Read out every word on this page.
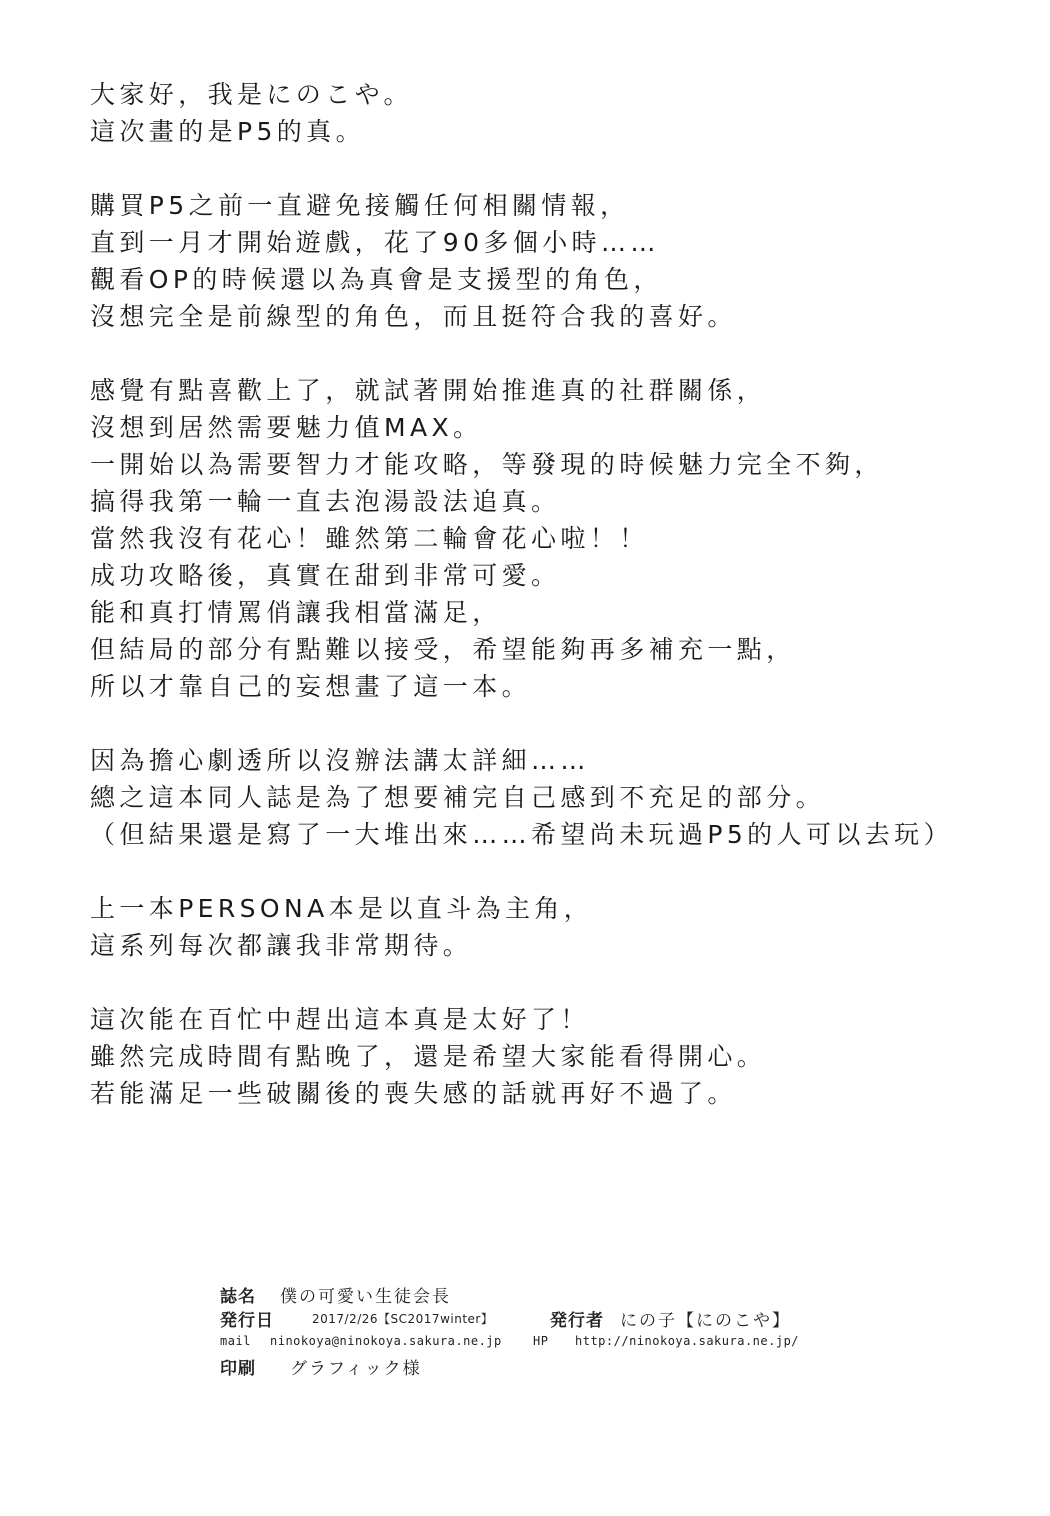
大家好，我是にのこや。
這次畫的是P5的真。
購買P5之前一直避免接觸任何相關情報，
直到一月才開始遊戲，花了90多個小時……
觀看OP的時候還以為真會是支援型的角色，
沒想完全是前線型的角色，而且挺符合我的喜好。
感覺有點喜歡上了，就試著開始推進真的社群關係，
沒想到居然需要魅力值MAX。
一開始以為需要智力才能攻略，等發現的時候魅力完全不夠，
搞得我第一輪一直去泡湯設法追真。
當然我沒有花心！雖然第二輪會花心啦！！
成功攻略後，真實在甜到非常可愛。
能和真打情罵俏讓我相當滿足，
但結局的部分有點難以接受，希望能夠再多補充一點，
所以才靠自己的妄想畫了這一本。
因為擔心劇透所以沒辦法講太詳細……
總之這本同人誌是為了想要補完自己感到不充足的部分。
（但結果還是寫了一大堆出來……希望尚未玩過P5的人可以去玩）
上一本PERSONA本是以直斗為主角，
這系列每次都讓我非常期待。
這次能在百忙中趕出這本真是太好了！
雖然完成時間有點晚了，還是希望大家能看得開心。
若能滿足一些破關後的喪失感的話就再好不過了。
誌名 僕の可愛い生徒会長
発行日	2017/2/26【SC2017winter】	発行者 にの子【にのこや】
mail ninokoya@ninokoya.sakura.ne.jp	HP http://ninokoya.sakura.ne.jp/
印刷 グラフィック様
